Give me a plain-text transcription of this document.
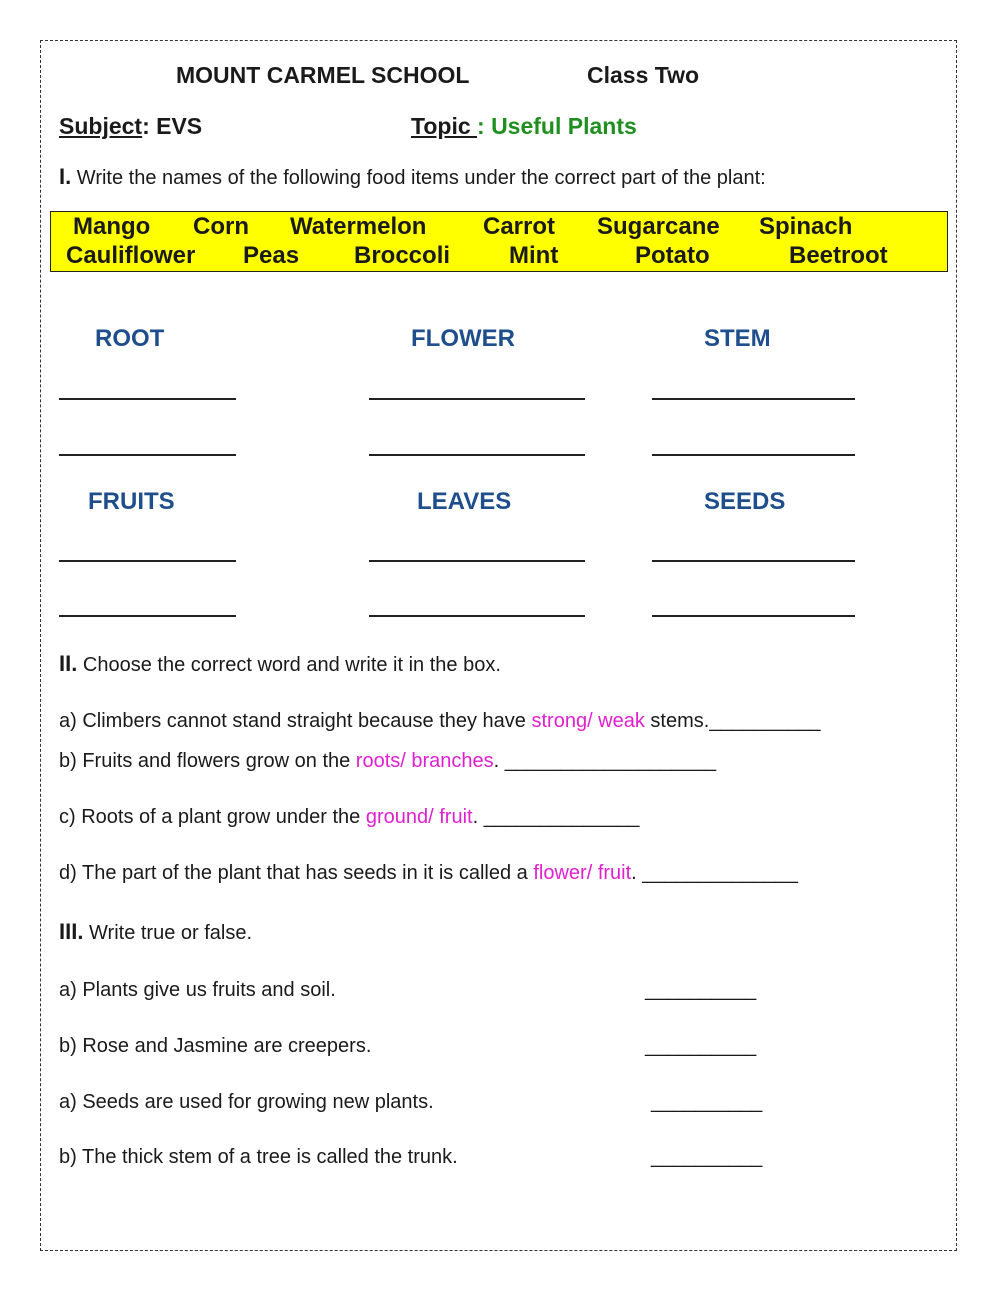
MOUNT CARMEL SCHOOL	Class Two
Subject: EVS	Topic : Useful Plants
I. Write the names of the following food items under the correct part of the plant:
Mango Corn Watermelon Carrot Sugarcane Spinach
Cauliflower Peas Broccoli Mint	Potato	Beetroot
ROOT	FLOWER	STEM
FRUITS	LEAVES	SEEDS
II. Choose the correct word and write it in the box.
a) Climbers cannot stand straight because they have strong/ weak stems.__________
b) Fruits and flowers grow on the roots/ branches. ___________________
c) Roots of a plant grow under the ground/ fruit. ______________
d) The part of the plant that has seeds in it is called a flower/ fruit. ______________
III. Write true or false.
a) Plants give us fruits and soil.	__________
b) Rose and Jasmine are creepers.	__________
a) Seeds are used for growing new plants.	__________
b) The thick stem of a tree is called the trunk.	__________
